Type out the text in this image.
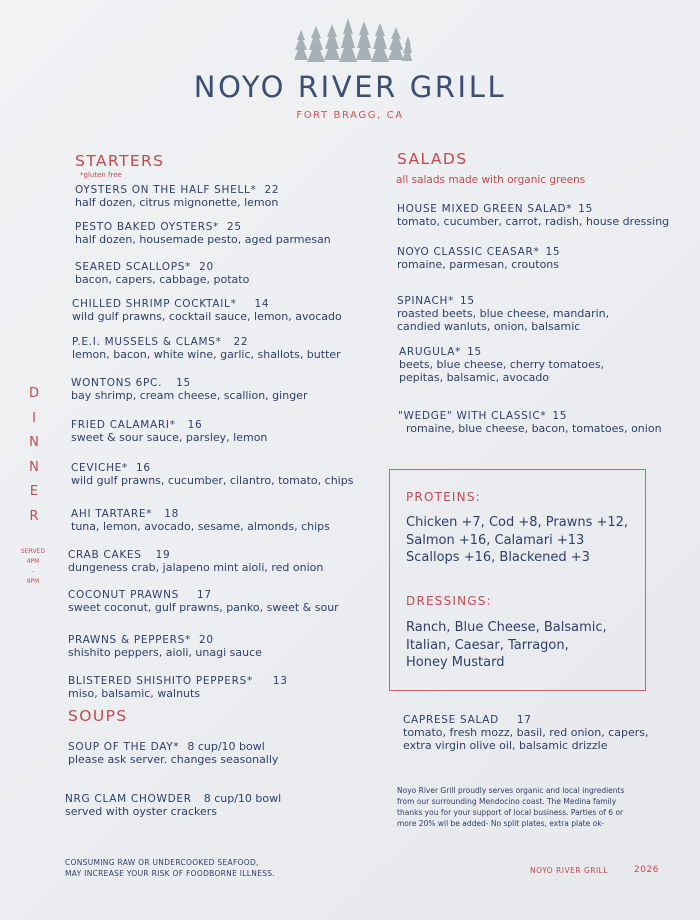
NOYO RIVER GRILL
FORT BRAGG, CA
D
I
N
N
E
R
SERVED
4PM
-
9PM
STARTERS
*gluten free
OYSTERS ON THE HALF SHELL* 22
half dozen, citrus mignonette, lemon
PESTO BAKED OYSTERS* 25
half dozen, housemade pesto, aged parmesan
SEARED SCALLOPS* 20
bacon, capers, cabbage, potato
CHILLED SHRIMP COCKTAIL* 14
wild gulf prawns, cocktail sauce, lemon, avocado
P.E.I. MUSSELS & CLAMS* 22
lemon, bacon, white wine, garlic, shallots, butter
WONTONS 6PC. 15
bay shrimp, cream cheese, scallion, ginger
FRIED CALAMARI* 16
sweet & sour sauce, parsley, lemon
CEVICHE* 16
wild gulf prawns, cucumber, cilantro, tomato, chips
AHI TARTARE* 18
tuna, lemon, avocado, sesame, almonds, chips
CRAB CAKES 19
dungeness crab, jalapeno mint aioli, red onion
COCONUT PRAWNS 17
sweet coconut, gulf prawns, panko, sweet & sour
PRAWNS & PEPPERS* 20
shishito peppers, aioli, unagi sauce
BLISTERED SHISHITO PEPPERS* 13
miso, balsamic, walnuts
SOUPS
SOUP OF THE DAY* 8 cup/10 bowl
please ask server. changes seasonally
NRG CLAM CHOWDER 8 cup/10 bowl
served with oyster crackers
CONSUMING RAW OR UNDERCOOKED SEAFOOD,
MAY INCREASE YOUR RISK OF FOODBORNE ILLNESS.
SALADS
all salads made with organic greens
HOUSE MIXED GREEN SALAD* 15
tomato, cucumber, carrot, radish, house dressing
NOYO CLASSIC CEASAR* 15
romaine, parmesan, croutons
SPINACH* 15
roasted beets, blue cheese, mandarin, candied wanluts, onion, balsamic
ARUGULA* 15
beets, blue cheese, cherry tomatoes, pepitas, balsamic, avocado
"WEDGE" WITH CLASSIC* 15
romaine, blue cheese, bacon, tomatoes, onion
PROTEINS:
Chicken +7, Cod +8, Prawns +12,
Salmon +16, Calamari +13
Scallops +16, Blackened +3
DRESSINGS:
Ranch, Blue Cheese, Balsamic,
Italian, Caesar, Tarragon,
Honey Mustard
CAPRESE SALAD 17
tomato, fresh mozz, basil, red onion, capers, extra virgin olive oil, balsamic drizzle
Noyo River Grill proudly serves organic and local ingredients
from our surrounding Mendocino coast. The Medina family
thanks you for your support of local business. Parties of 6 or
more 20% wil be added- No split plates, extra plate ok-
NOYO RIVER GRILL	2026
